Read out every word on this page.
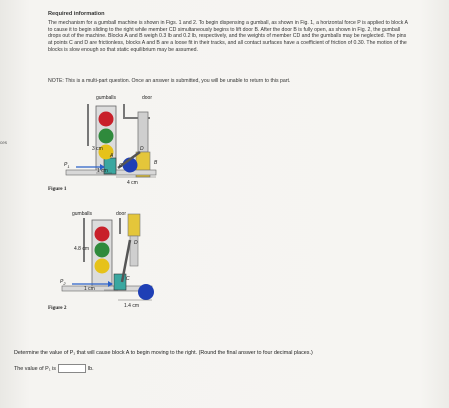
ces
Required information
The mechanism for a gumball machine is shown in Figs. 1 and 2. To begin dispensing a gumball, as shown in Fig. 1, a horizontal force P is applied to block A to cause it to begin sliding to the right while member CD simultaneously begins to lift door B. After the door B is fully open, as shown in Fig. 2, the gumball drops out of the machine. Blocks A and B weigh 0.3 lb and 0.2 lb, respectively, and the weights of member CD and the gumballs may be neglected. The pins at points C and D are frictionless, blocks A and B are a loose fit in their tracks, and all contact surfaces have a coefficient of friction of 0.30. The motion of the blocks is slow enough so that static equilibrium may be assumed.
NOTE: This is a multi-part question. Once an answer is submitted, you will be unable to return to this part.
gumballs	door
3 cm
1 cm
4 cm
$P_1$
A
B
C
D
Figure 1
gumballs	door
4.8 cm
1 cm
1.4 cm
$P_2$
C
D
Figure 2
Determine the value of P₁ that will cause block A to begin moving to the right. (Round the final answer to four decimal places.)
The value of P₁ is	lb.
